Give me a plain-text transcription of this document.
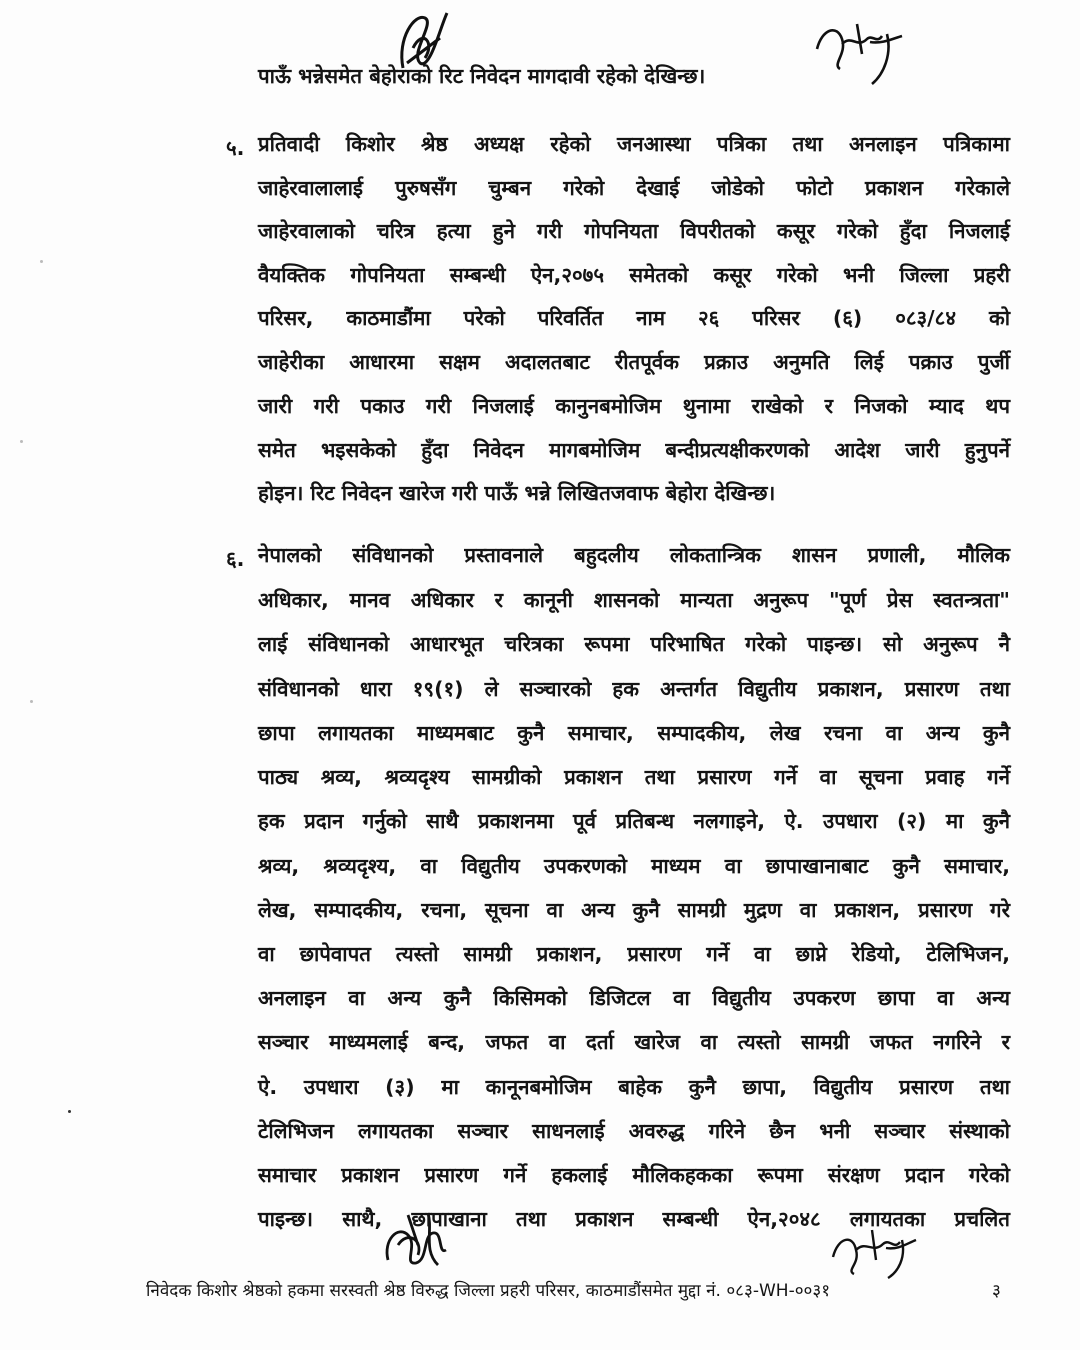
पाऊँ भन्नेसमेत बेहोराको रिट निवेदन मागदावी रहेको देखिन्छ।
५. प्रतिवादी किशोर श्रेष्ठ अध्यक्ष रहेको जनआस्था पत्रिका तथा अनलाइन पत्रिकामा
जाहेरवालालाई पुरुषसँग चुम्बन गरेको देखाई जोडेको फोटो प्रकाशन गरेकाले
जाहेरवालाको चरित्र हत्या हुने गरी गोपनियता विपरीतको कसूर गरेको हुँदा निजलाई
वैयक्तिक गोपनियता सम्बन्धी ऐन,२०७५ समेतको कसूर गरेको भनी जिल्ला प्रहरी
परिसर, काठमाडौंमा परेको परिवर्तित नाम २६ परिसर (६) ०८३/८४ को
जाहेरीका आधारमा सक्षम अदालतबाट रीतपूर्वक प्रक्राउ अनुमति लिई पक्राउ पुर्जी
जारी गरी पकाउ गरी निजलाई कानुनबमोजिम थुनामा राखेको र निजको म्याद थप
समेत भइसकेको हुँदा निवेदन मागबमोजिम बन्दीप्रत्यक्षीकरणको आदेश जारी हुनुपर्ने
होइन। रिट निवेदन खारेज गरी पाऊँ भन्ने लिखितजवाफ बेहोरा देखिन्छ।
६. नेपालको संविधानको प्रस्तावनाले बहुदलीय लोकतान्त्रिक शासन प्रणाली, मौलिक
अधिकार, मानव अधिकार र कानूनी शासनको मान्यता अनुरूप "पूर्ण प्रेस स्वतन्त्रता"
लाई संविधानको आधारभूत चरित्रका रूपमा परिभाषित गरेको पाइन्छ। सो अनुरूप नै
संविधानको धारा १९(१) ले सञ्चारको हक अन्तर्गत विद्युतीय प्रकाशन, प्रसारण तथा
छापा लगायतका माध्यमबाट कुनै समाचार, सम्पादकीय, लेख रचना वा अन्य कुनै
पाठ्य श्रव्य, श्रव्यदृश्य सामग्रीको प्रकाशन तथा प्रसारण गर्ने वा सूचना प्रवाह गर्ने
हक प्रदान गर्नुको साथै प्रकाशनमा पूर्व प्रतिबन्ध नलगाइने, ऐ. उपधारा (२) मा कुनै
श्रव्य, श्रव्यदृश्य, वा विद्युतीय उपकरणको माध्यम वा छापाखानाबाट कुनै समाचार,
लेख, सम्पादकीय, रचना, सूचना वा अन्य कुनै सामग्री मुद्रण वा प्रकाशन, प्रसारण गरे
वा छापेवापत त्यस्तो सामग्री प्रकाशन, प्रसारण गर्ने वा छाप्ने रेडियो, टेलिभिजन,
अनलाइन वा अन्य कुनै किसिमको डिजिटल वा विद्युतीय उपकरण छापा वा अन्य
सञ्चार माध्यमलाई बन्द, जफत वा दर्ता खारेज वा त्यस्तो सामग्री जफत नगरिने र
ऐ. उपधारा (३) मा कानूनबमोजिम बाहेक कुनै छापा, विद्युतीय प्रसारण तथा
टेलिभिजन लगायतका सञ्चार साधनलाई अवरुद्ध गरिने छैन भनी सञ्चार संस्थाको
समाचार प्रकाशन प्रसारण गर्ने हकलाई मौलिकहकका रूपमा संरक्षण प्रदान गरेको
पाइन्छ। साथै, छापाखाना तथा प्रकाशन सम्बन्धी ऐन,२०४८ लगायतका प्रचलित
निवेदक किशोर श्रेष्ठको हकमा सरस्वती श्रेष्ठ विरुद्ध जिल्ला प्रहरी परिसर, काठमाडौंसमेत मुद्दा नं. ०८३-WH-००३१	३
